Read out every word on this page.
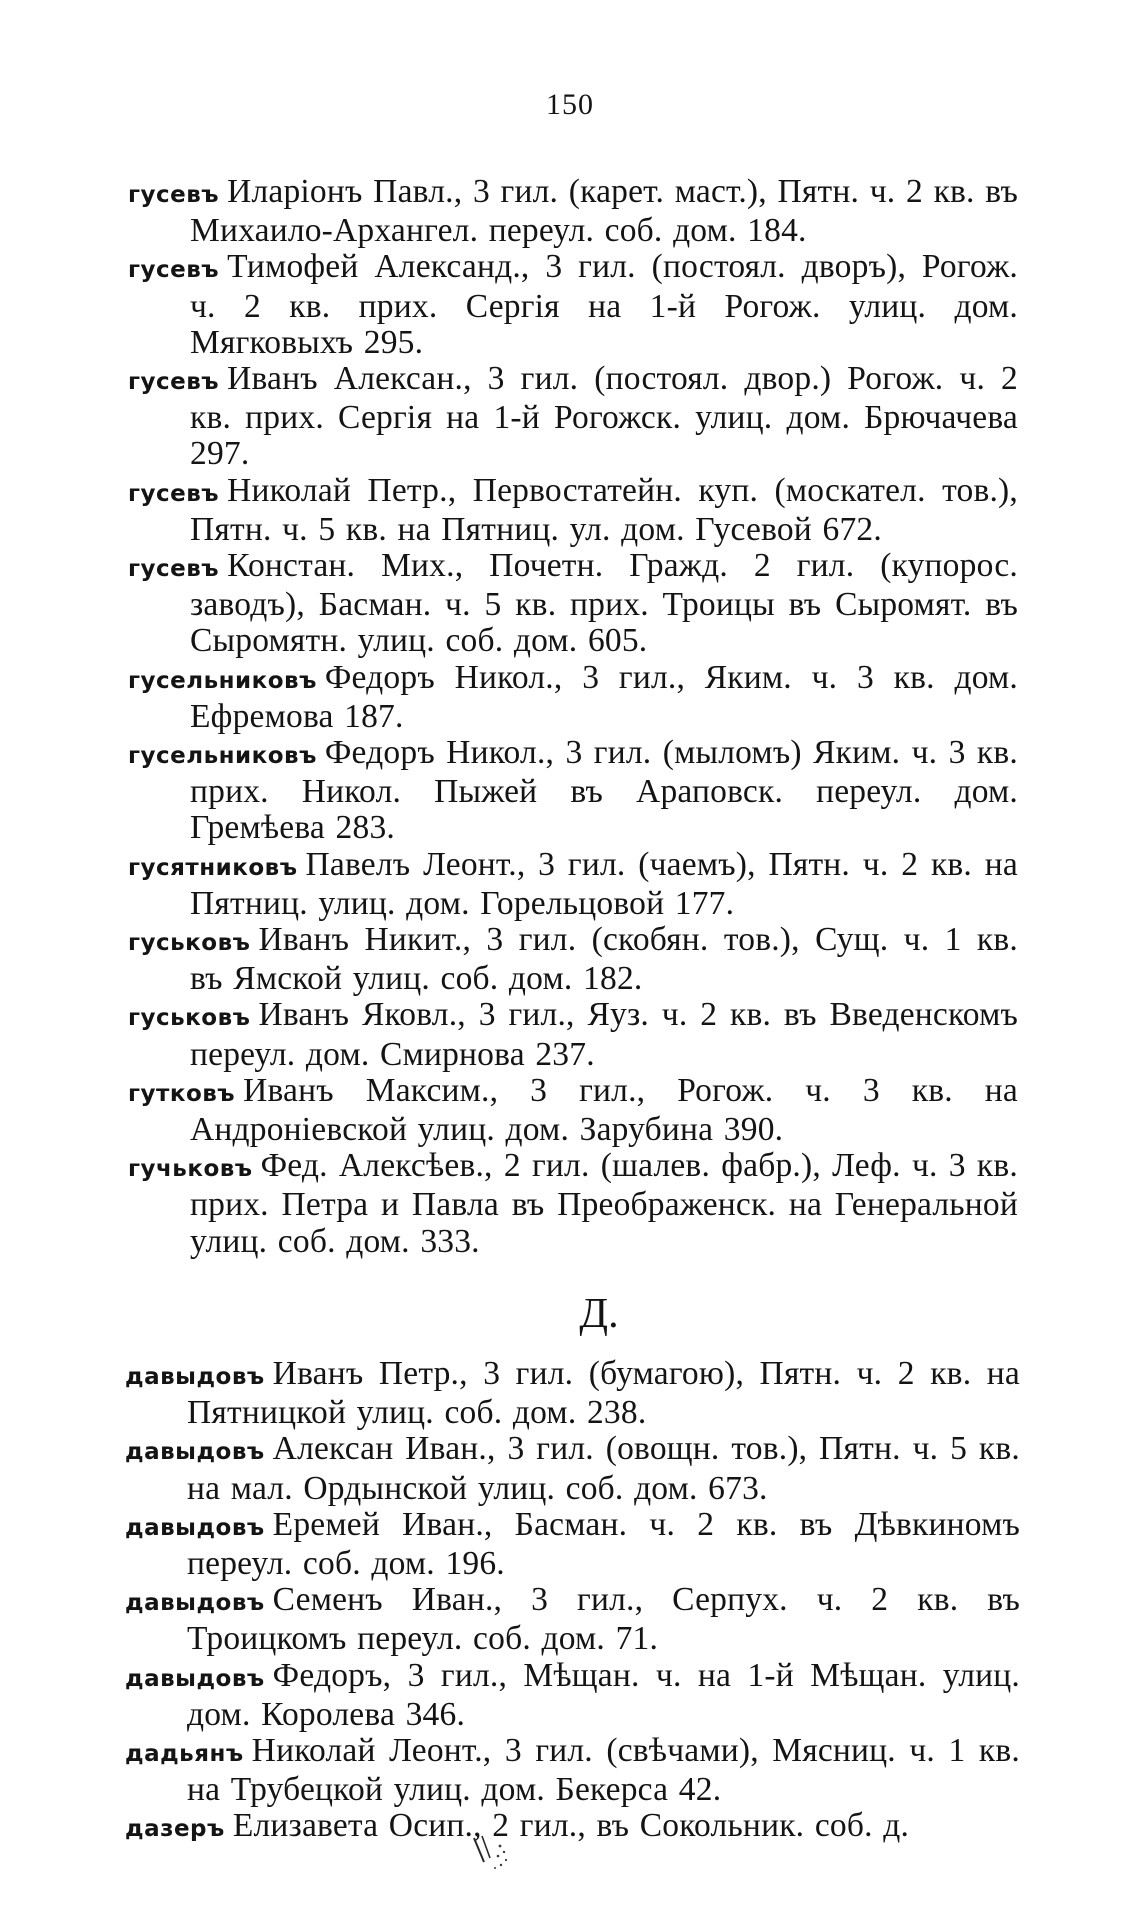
150
гусевъ Иларіонъ Павл., 3 гил. (карет. маст.), Пятн. ч. 2 кв. въ Михаило-Архангел. переул. соб. дом. 184.
гусевъ Тимофей Александ., 3 гил. (постоял. дворъ), Рогож. ч. 2 кв. прих. Сергія на 1-й Рогож. улиц. дом. Мягковыхъ 295.
гусевъ Иванъ Алексан., 3 гил. (постоял. двор.) Рогож. ч. 2 кв. прих. Сергія на 1-й Рогожск. улиц. дом. Брючачева 297.
гусевъ Николай Петр., Первостатейн. куп. (москател. тов.), Пятн. ч. 5 кв. на Пятниц. ул. дом. Гусевой 672.
гусевъ Констан. Мих., Почетн. Гражд. 2 гил. (купорос. заводъ), Басман. ч. 5 кв. прих. Троицы въ Сыромят. въ Сыромятн. улиц. соб. дом. 605.
гусельниковъ Федоръ Никол., 3 гил., Яким. ч. 3 кв. дом. Ефремова 187.
гусельниковъ Федоръ Никол., 3 гил. (мыломъ) Яким. ч. 3 кв. прих. Никол. Пыжей въ Араповск. переул. дом. Гремѣева 283.
гусятниковъ Павелъ Леонт., 3 гил. (чаемъ), Пятн. ч. 2 кв. на Пятниц. улиц. дом. Горельцовой 177.
гуськовъ Иванъ Никит., 3 гил. (скобян. тов.), Сущ. ч. 1 кв. въ Ямской улиц. соб. дом. 182.
гуськовъ Иванъ Яковл., 3 гил., Яуз. ч. 2 кв. въ Введенскомъ переул. дом. Смирнова 237.
гутковъ Иванъ Максим., 3 гил., Рогож. ч. 3 кв. на Андроніевской улиц. дом. Зарубина 390.
гучьковъ Фед. Алексѣев., 2 гил. (шалев. фабр.), Леф. ч. 3 кв. прих. Петра и Павла въ Преображенск. на Генеральной улиц. соб. дом. 333.
Д.
давыдовъ Иванъ Петр., 3 гил. (бумагою), Пятн. ч. 2 кв. на Пятницкой улиц. соб. дом. 238.
давыдовъ Алексан Иван., 3 гил. (овощн. тов.), Пятн. ч. 5 кв. на мал. Ордынской улиц. соб. дом. 673.
давыдовъ Еремей Иван., Басман. ч. 2 кв. въ Дѣвкиномъ переул. соб. дом. 196.
давыдовъ Семенъ Иван., 3 гил., Серпух. ч. 2 кв. въ Троицкомъ переул. соб. дом. 71.
давыдовъ Федоръ, 3 гил., Мѣщан. ч. на 1-й Мѣщан. улиц. дом. Королева 346.
дадьянъ Николай Леонт., 3 гил. (свѣчами), Мясниц. ч. 1 кв. на Трубецкой улиц. дом. Бекерса 42.
дазеръ Елизавета Осип., 2 гил., въ Сокольник. соб. д.
